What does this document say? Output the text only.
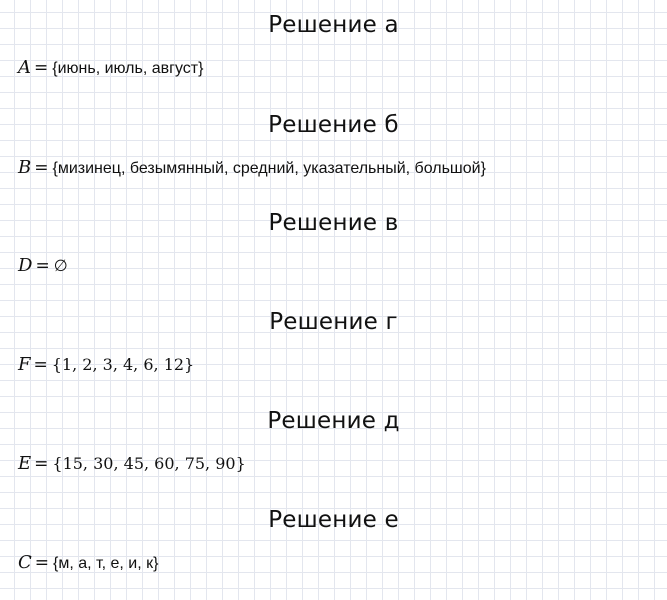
Решение а
A = {июнь, июль, август}
Решение б
B = {мизинец, безымянный, средний, указательный, большой}
Решение в
D = ∅
Решение г
F = {1, 2, 3, 4, 6, 12}
Решение д
E = {15, 30, 45, 60, 75, 90}
Решение е
C = {м, а, т, е, и, к}
